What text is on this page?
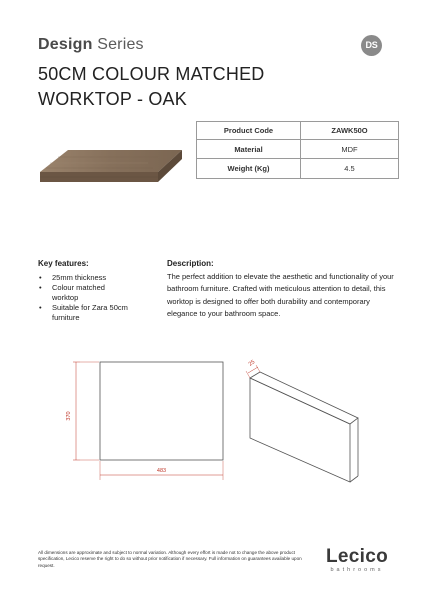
Design Series	DS
50CM COLOUR MATCHED
WORKTOP - OAK
Product Code	ZAWK50O
Material	MDF
Weight (Kg)	4.5
Key features:
• 25mm thickness
• Colour matched worktop
• Suitable for Zara 50cm furniture
Description:

The perfect addition to elevate the aesthetic and functionality of your bathroom furniture. Crafted with meticulous attention to detail, this worktop is designed to offer both durability and contemporary elegance to your bathroom space.

370
483
25
All dimensions are approximate and subject to normal variation. Although every effort is made not to change the above product specification, Lecico reserve the right to do so without prior notification if necessary. Full information on guarantees available upon request.	Lecico
bathrooms
